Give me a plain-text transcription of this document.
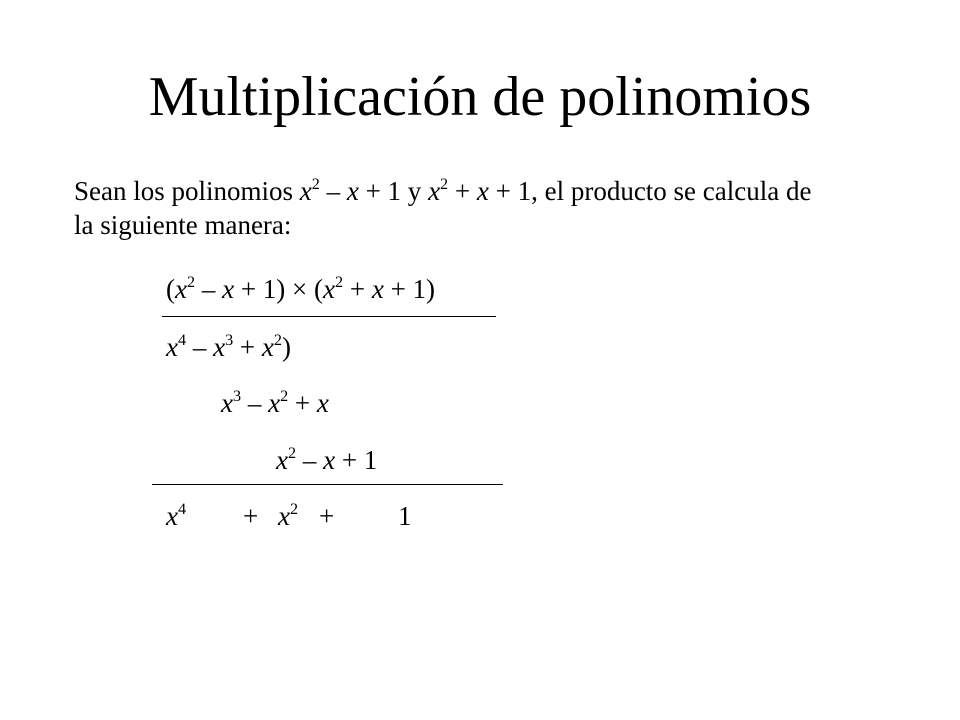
Multiplicación de polinomios
Sean los polinomios $x^2 - x + 1$ y $x^2 + x + 1$, el producto se calcula de la siguiente manera:
$(x^2 - x + 1) \times (x^2 + x + 1)$
$x^4 - x^3 + x^2$)
$x^3 - x^2 + x$
$x^2 - x + 1$
$x^4 + x^2 + 1$
